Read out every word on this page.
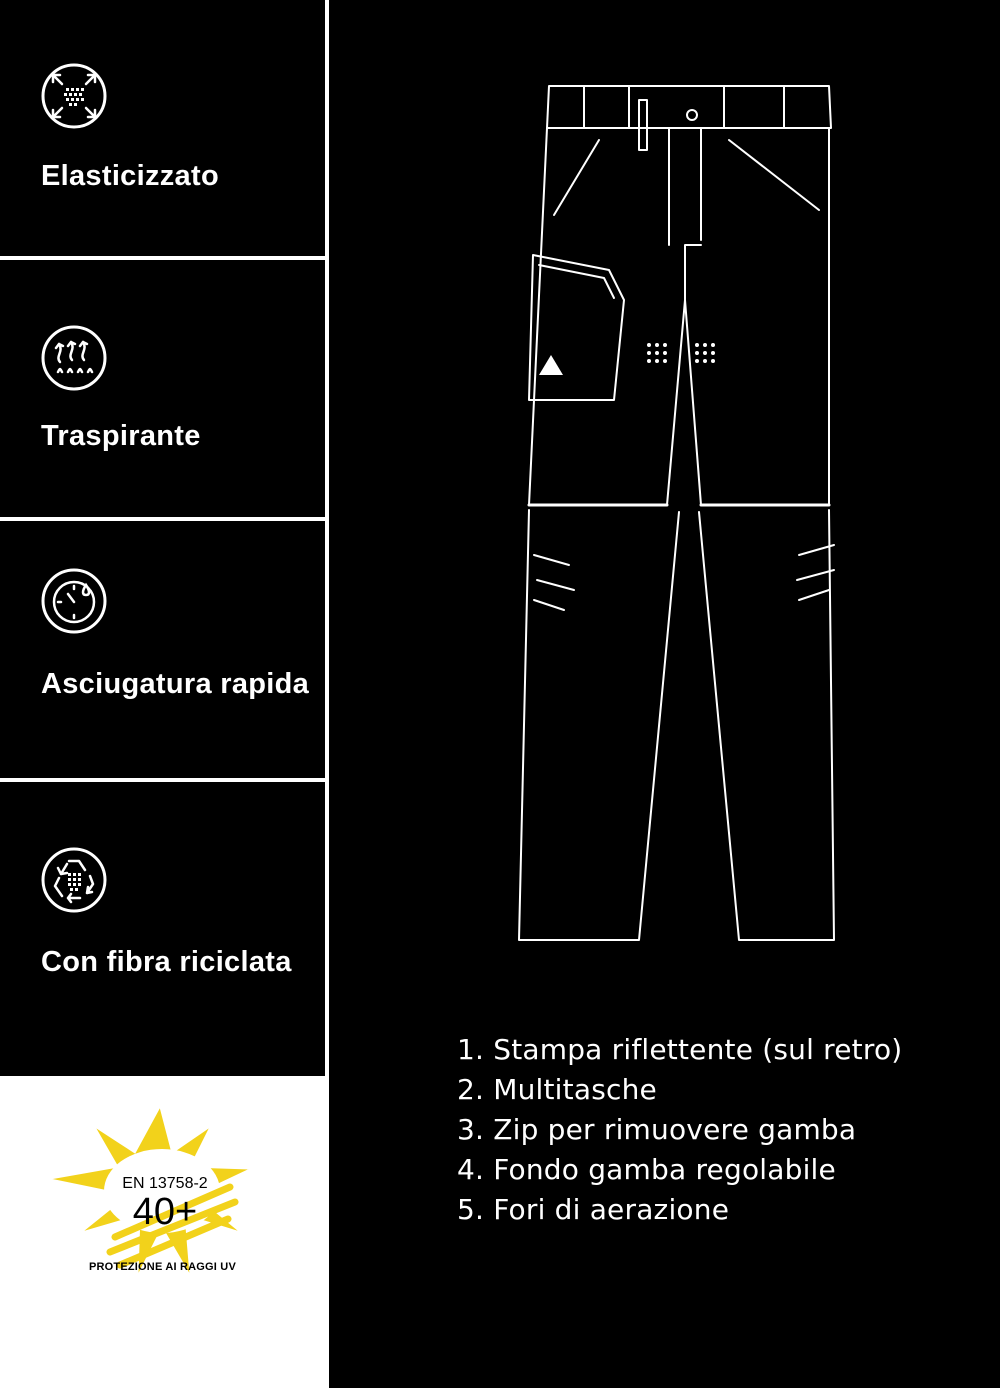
Elasticizzato
Traspirante
Asciugatura rapida
Con fibra riciclata
EN 13758-2
40+
PROTEZIONE AI RAGGI UV
1. Stampa riflettente (sul retro)
2. Multitasche
3. Zip per rimuovere gamba
4. Fondo gamba regolabile
5. Fori di aerazione
